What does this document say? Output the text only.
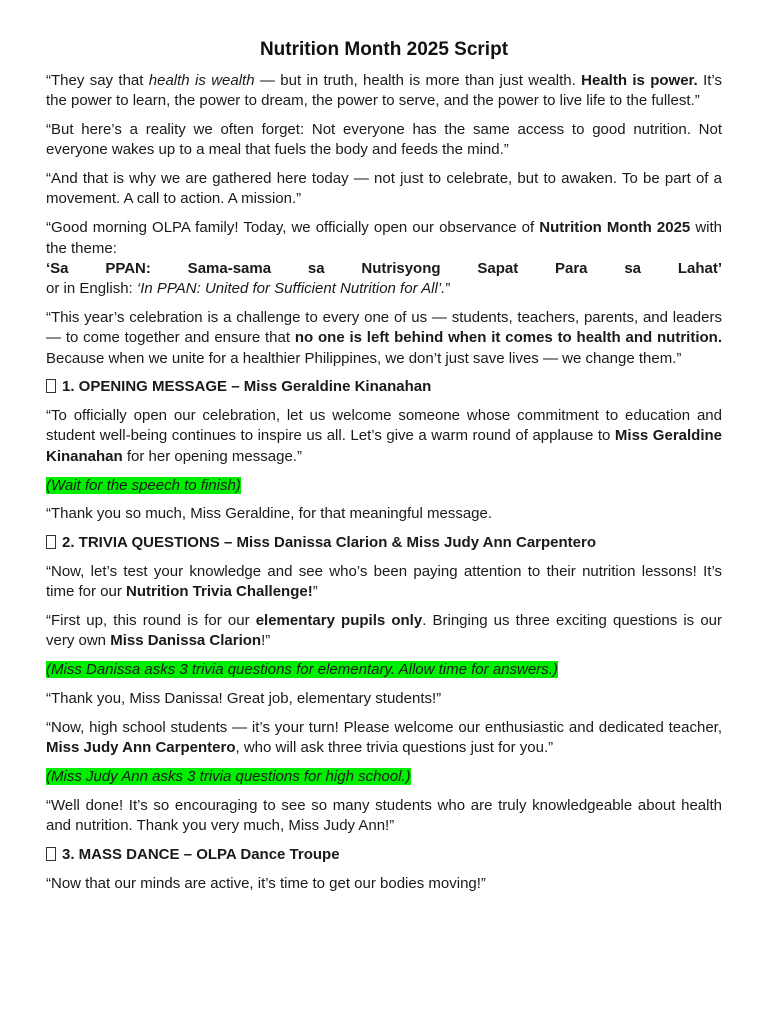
Nutrition Month 2025 Script

“They say that health is wealth — but in truth, health is more than just wealth. Health is power. It’s the power to learn, the power to dream, the power to serve, and the power to live life to the fullest.”

“But here’s a reality we often forget: Not everyone has the same access to good nutrition. Not everyone wakes up to a meal that fuels the body and feeds the mind.”

“And that is why we are gathered here today — not just to celebrate, but to awaken. To be part of a movement. A call to action. A mission.”

“Good morning OLPA family! Today, we officially open our observance of Nutrition Month 2025 with the theme:

‘Sa PPAN: Sama-sama sa Nutrisyong Sapat Para sa Lahat’

or in English: ‘In PPAN: United for Sufficient Nutrition for All’.”

“This year’s celebration is a challenge to every one of us — students, teachers, parents, and leaders — to come together and ensure that no one is left behind when it comes to health and nutrition. Because when we unite for a healthier Philippines, we don’t just save lives — we change them.”

1. OPENING MESSAGE – Miss Geraldine Kinanahan

“To officially open our celebration, let us welcome someone whose commitment to education and student well-being continues to inspire us all. Let’s give a warm round of applause to Miss Geraldine Kinanahan for her opening message.”

(Wait for the speech to finish)

“Thank you so much, Miss Geraldine, for that meaningful message.

2. TRIVIA QUESTIONS – Miss Danissa Clarion & Miss Judy Ann Carpentero

“Now, let’s test your knowledge and see who’s been paying attention to their nutrition lessons! It’s time for our Nutrition Trivia Challenge!”

“First up, this round is for our elementary pupils only. Bringing us three exciting questions is our very own Miss Danissa Clarion!”

(Miss Danissa asks 3 trivia questions for elementary. Allow time for answers.)

“Thank you, Miss Danissa! Great job, elementary students!”

“Now, high school students — it’s your turn! Please welcome our enthusiastic and dedicated teacher, Miss Judy Ann Carpentero, who will ask three trivia questions just for you.”

(Miss Judy Ann asks 3 trivia questions for high school.)

“Well done! It’s so encouraging to see so many students who are truly knowledgeable about health and nutrition. Thank you very much, Miss Judy Ann!”

3. MASS DANCE – OLPA Dance Troupe

“Now that our minds are active, it’s time to get our bodies moving!”
